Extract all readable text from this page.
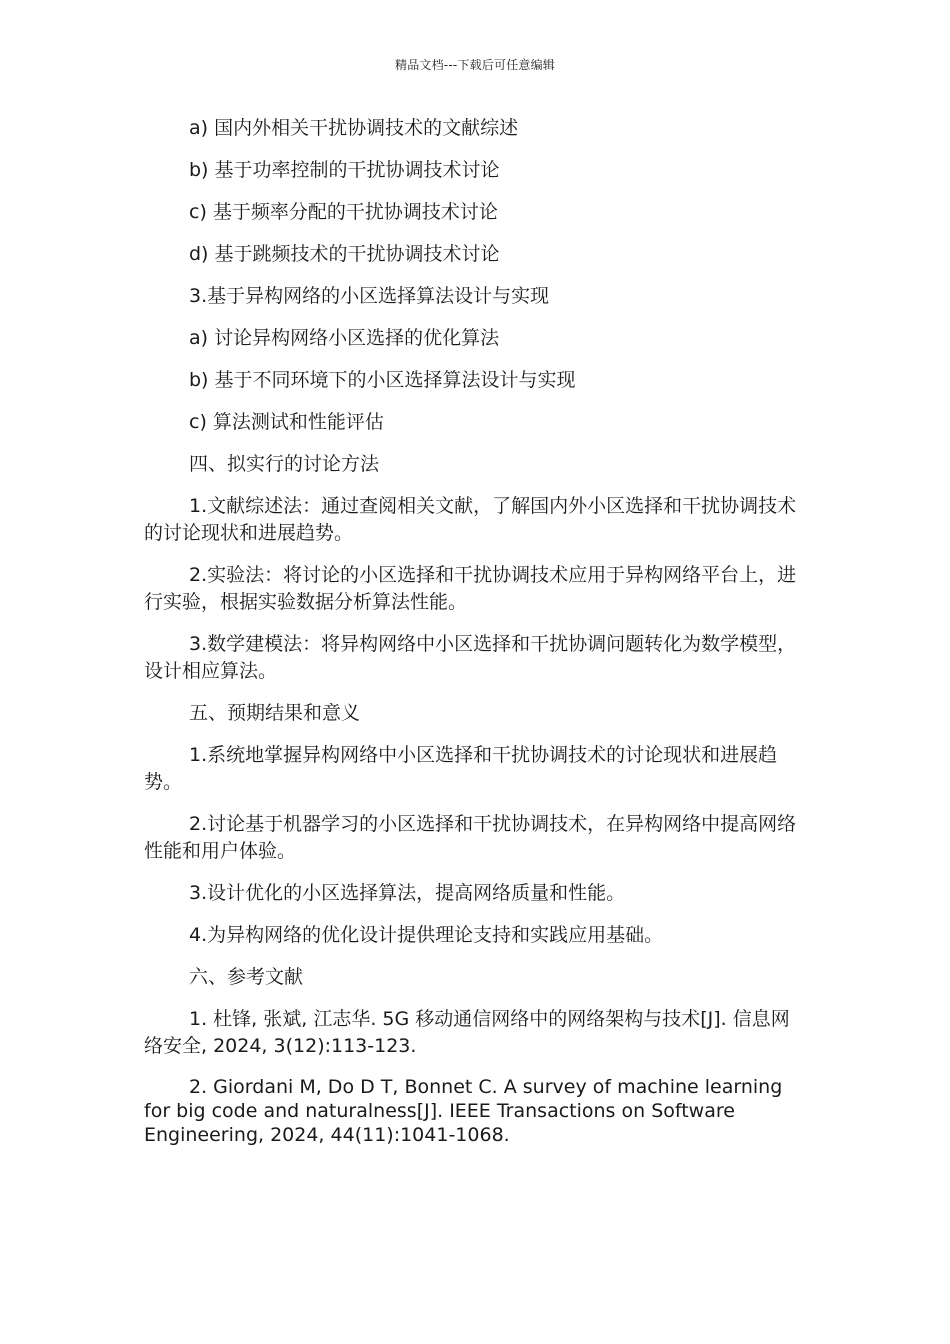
精品文档---下载后可任意编辑

a) 国内外相关干扰协调技术的文献综述

b) 基于功率控制的干扰协调技术讨论

c) 基于频率分配的干扰协调技术讨论

d) 基于跳频技术的干扰协调技术讨论

3.基于异构网络的小区选择算法设计与实现

a) 讨论异构网络小区选择的优化算法

b) 基于不同环境下的小区选择算法设计与实现

c) 算法测试和性能评估

四、拟实行的讨论方法

1.文献综述法：通过查阅相关文献，了解国内外小区选择和干扰协调技术的讨论现状和进展趋势。

2.实验法：将讨论的小区选择和干扰协调技术应用于异构网络平台上，进行实验，根据实验数据分析算法性能。

3.数学建模法：将异构网络中小区选择和干扰协调问题转化为数学模型，设计相应算法。

五、预期结果和意义

1.系统地掌握异构网络中小区选择和干扰协调技术的讨论现状和进展趋势。

2.讨论基于机器学习的小区选择和干扰协调技术，在异构网络中提高网络性能和用户体验。

3.设计优化的小区选择算法，提高网络质量和性能。

4.为异构网络的优化设计提供理论支持和实践应用基础。

六、参考文献

1. 杜锋, 张斌, 江志华. 5G 移动通信网络中的网络架构与技术[J]. 信息网络安全, 2024, 3(12):113-123.

2. Giordani M, Do D T, Bonnet C. A survey of machine learning for big code and naturalness[J]. IEEE Transactions on Software Engineering, 2024, 44(11):1041-1068.
